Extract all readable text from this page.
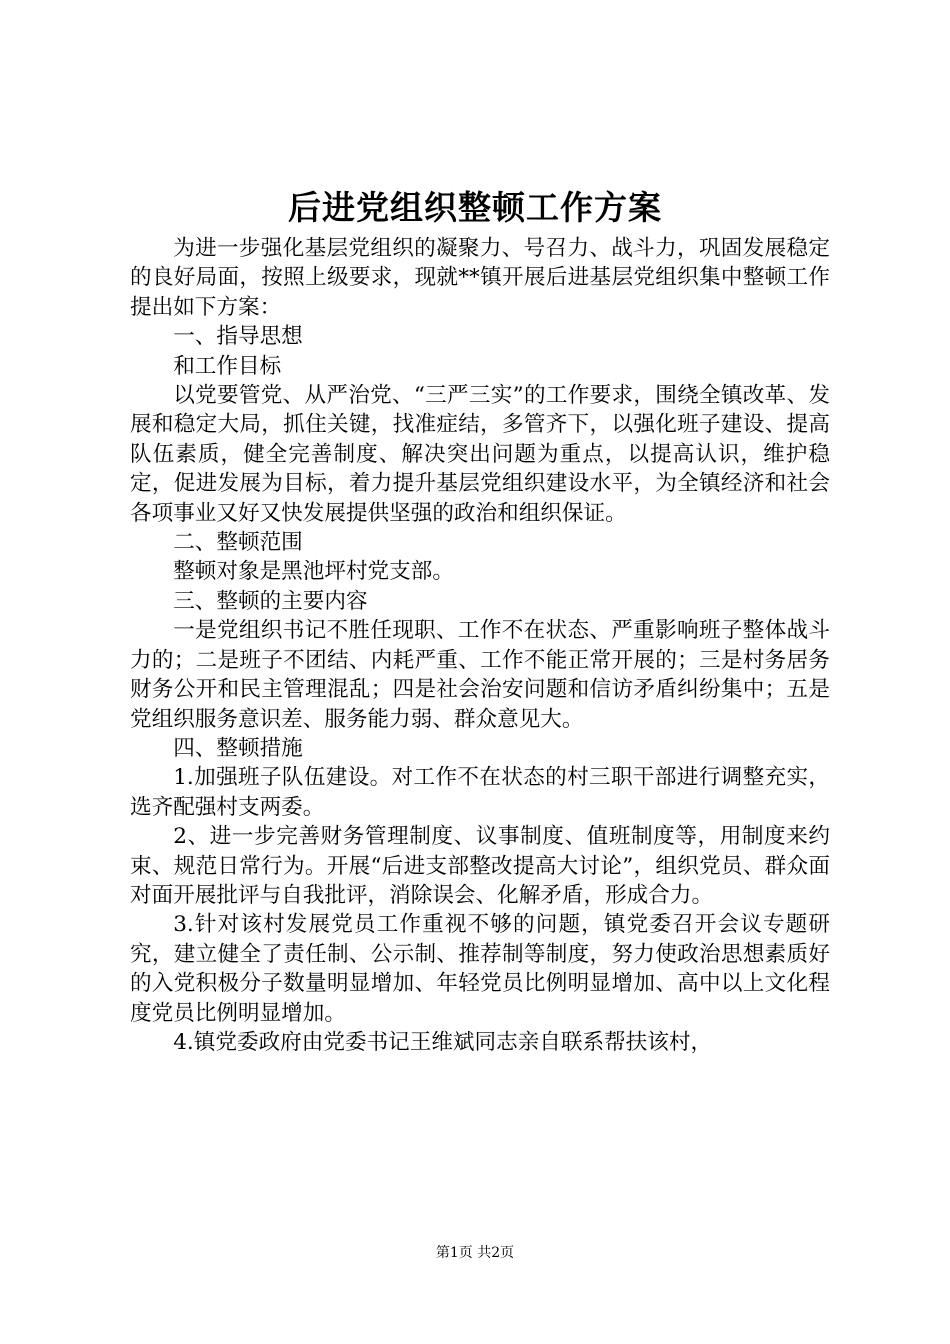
后进党组织整顿工作方案

为进一步强化基层党组织的凝聚力、号召力、战斗力，巩固发展稳定的良好局面，按照上级要求，现就**镇开展后进基层党组织集中整顿工作提出如下方案：

一、指导思想

和工作目标

以党要管党、从严治党、“三严三实”的工作要求，围绕全镇改革、发展和稳定大局，抓住关键，找准症结，多管齐下，以强化班子建设、提高队伍素质，健全完善制度、解决突出问题为重点，以提高认识，维护稳定，促进发展为目标，着力提升基层党组织建设水平，为全镇经济和社会各项事业又好又快发展提供坚强的政治和组织保证。

二、整顿范围

整顿对象是黑池坪村党支部。

三、整顿的主要内容

一是党组织书记不胜任现职、工作不在状态、严重影响班子整体战斗力的；二是班子不团结、内耗严重、工作不能正常开展的；三是村务居务财务公开和民主管理混乱；四是社会治安问题和信访矛盾纠纷集中；五是党组织服务意识差、服务能力弱、群众意见大。

四、整顿措施

1.加强班子队伍建设。对工作不在状态的村三职干部进行调整充实，选齐配强村支两委。

2、进一步完善财务管理制度、议事制度、值班制度等，用制度来约束、规范日常行为。开展“后进支部整改提高大讨论”，组织党员、群众面对面开展批评与自我批评，消除误会、化解矛盾，形成合力。

3.针对该村发展党员工作重视不够的问题，镇党委召开会议专题研究，建立健全了责任制、公示制、推荐制等制度，努力使政治思想素质好的入党积极分子数量明显增加、年轻党员比例明显增加、高中以上文化程度党员比例明显增加。

4.镇党委政府由党委书记王维斌同志亲自联系帮扶该村，

第1页 共2页
